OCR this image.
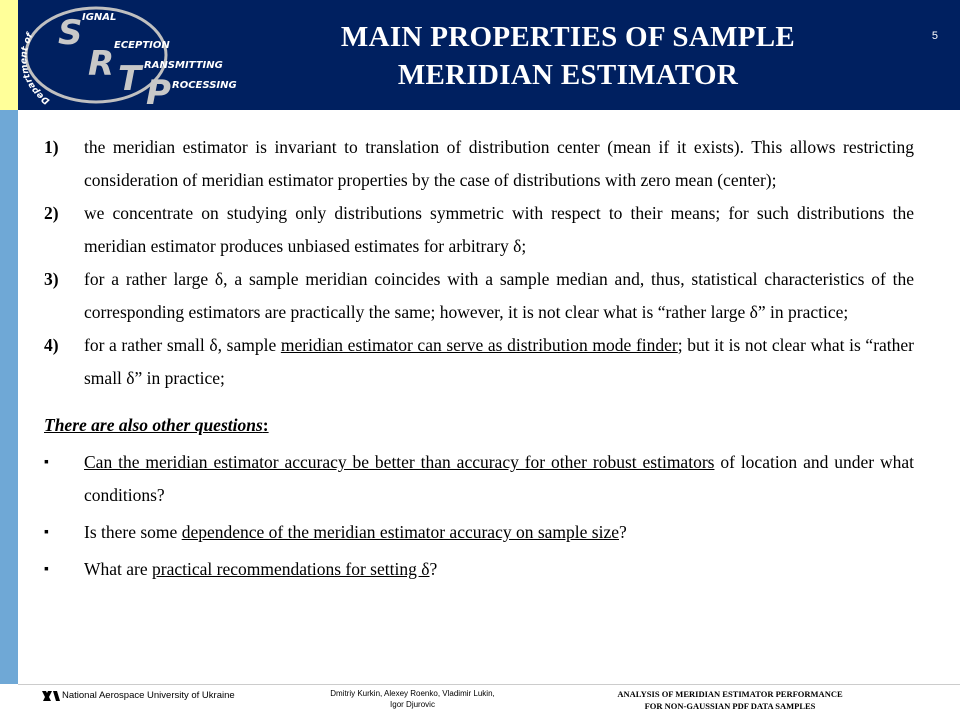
Department of S
R T P
IGNAL
ECEPTION
RANSMITTING
ROCESSING
MAIN PROPERTIES OF SAMPLE
MERIDIAN ESTIMATOR
5
1) the meridian estimator is invariant to translation of distribution center (mean if it exists). This allows restricting consideration of meridian estimator properties by the case of distributions with zero mean (center);
2) we concentrate on studying only distributions symmetric with respect to their means; for such distributions the meridian estimator produces unbiased estimates for arbitrary δ;
3) for a rather large δ, a sample meridian coincides with a sample median and, thus, statistical characteristics of the corresponding estimators are practically the same; however, it is not clear what is “rather large δ” in practice;
4) for a rather small δ, sample meridian estimator can serve as distribution mode finder; but it is not clear what is “rather small δ” in practice;
There are also other questions:
▪ Can the meridian estimator accuracy be better than accuracy for other robust estimators of location and under what conditions?
▪ Is there some dependence of the meridian estimator accuracy on sample size?
▪ What are practical recommendations for setting δ?
National Aerospace University of Ukraine	Dmitriy Kurkin, Alexey Roenko, Vladimir Lukin,
Igor Djurovic
ANALYSIS OF MERIDIAN ESTIMATOR PERFORMANCE
FOR NON-GAUSSIAN PDF DATA SAMPLES
